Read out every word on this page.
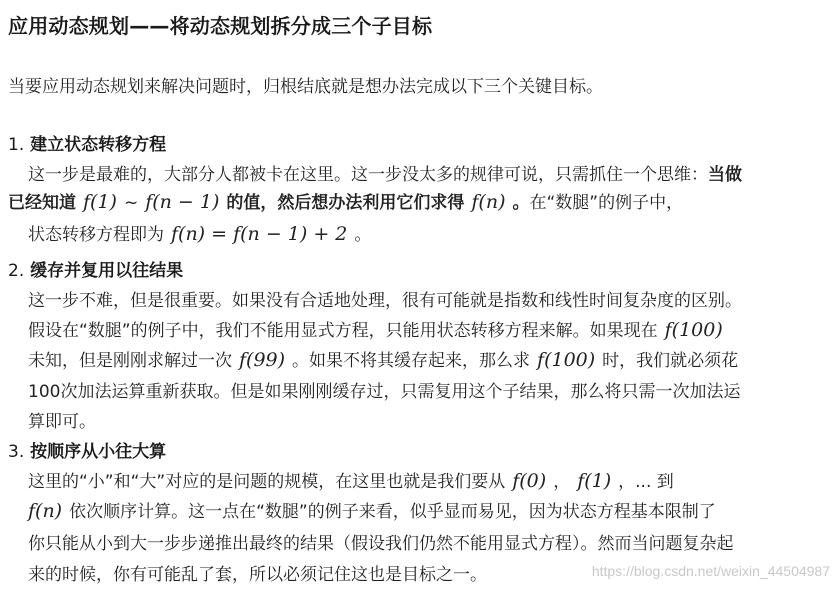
应用动态规划——将动态规划拆分成三个子目标
当要应用动态规划来解决问题时，归根结底就是想办法完成以下三个关键目标。
1. 建立状态转移方程
这一步是最难的，大部分人都被卡在这里。这一步没太多的规律可说，只需抓住一个思维：当做
已经知道 f(1) ~ f(n − 1) 的值，然后想办法利用它们求得 f(n) 。在“数腿”的例子中，
状态转移方程即为 f(n) = f(n − 1) + 2 。
2. 缓存并复用以往结果
这一步不难，但是很重要。如果没有合适地处理，很有可能就是指数和线性时间复杂度的区别。
假设在“数腿”的例子中，我们不能用显式方程，只能用状态转移方程来解。如果现在 f(100)
未知，但是刚刚求解过一次 f(99) 。如果不将其缓存起来，那么求 f(100) 时，我们就必须花
100次加法运算重新获取。但是如果刚刚缓存过，只需复用这个子结果，那么将只需一次加法运
算即可。
3. 按顺序从小往大算
这里的“小”和“大”对应的是问题的规模，在这里也就是我们要从 f(0) ， f(1) ，... 到
f(n) 依次顺序计算。这一点在“数腿”的例子来看，似乎显而易见，因为状态方程基本限制了
你只能从小到大一步步递推出最终的结果（假设我们仍然不能用显式方程）。然而当问题复杂起
来的时候，你有可能乱了套，所以必须记住这也是目标之一。	https://blog.csdn.net/weixin_44504987
